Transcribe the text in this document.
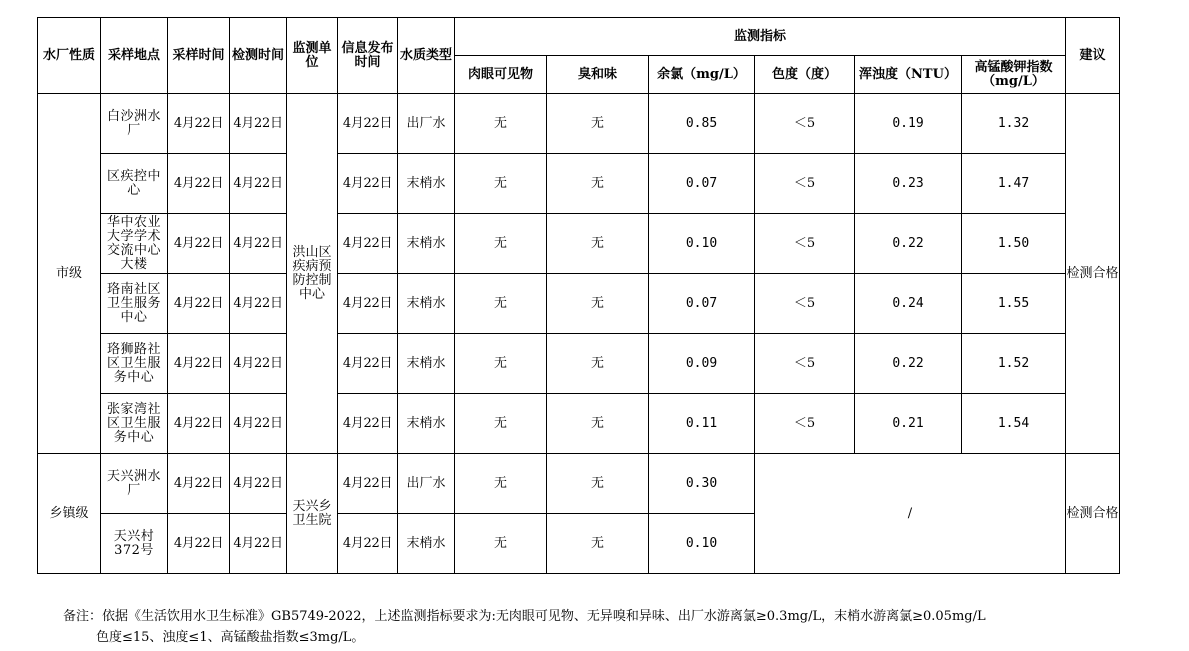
水厂性质	采样地点	采样时间	检测时间	监测单位	信息发布时间	水质类型	监测指标						建议
							肉眼可见物	臭和味	余氯（mg/L）	色度（度）	浑浊度（NTU）	高锰酸钾指数（mg/L）	
市级	白沙洲水厂	4月22日	4月22日	洪山区疾病预防控制中心	4月22日	出厂水	无	无	0.85	＜5	0.19	1.32	检测合格
	区疾控中心	4月22日	4月22日		4月22日	末梢水	无	无	0.07	＜5	0.23	1.47	
	华中农业大学学术交流中心大楼	4月22日	4月22日		4月22日	末梢水	无	无	0.10	＜5	0.22	1.50	
	珞南社区卫生服务中心	4月22日	4月22日		4月22日	末梢水	无	无	0.07	＜5	0.24	1.55	
	珞狮路社区卫生服务中心	4月22日	4月22日		4月22日	末梢水	无	无	0.09	＜5	0.22	1.52	
	张家湾社区卫生服务中心	4月22日	4月22日		4月22日	末梢水	无	无	0.11	＜5	0.21	1.54	
乡镇级	天兴洲水厂	4月22日	4月22日	天兴乡卫生院	4月22日	出厂水	无	无	0.30	/			检测合格
	天兴村372号	4月22日	4月22日		4月22日	末梢水	无	无	0.10				
备注：依据《生活饮用水卫生标准》GB5749-2022，上述监测指标要求为:无肉眼可见物、无异嗅和异味、出厂水游离氯≥0.3mg/L，末梢水游离氯≥0.05mg/L
色度≤15、浊度≤1、高锰酸盐指数≤3mg/L。
